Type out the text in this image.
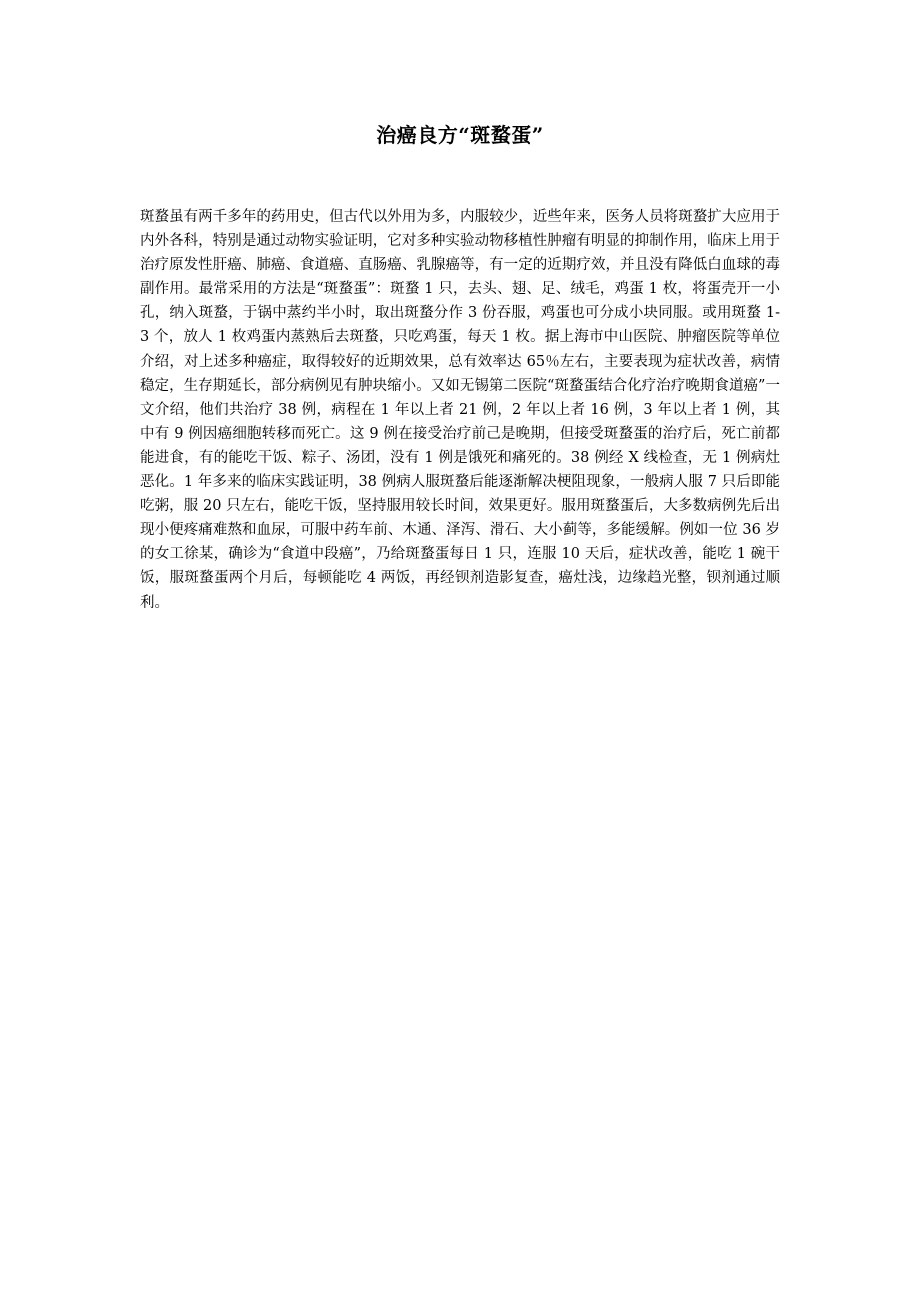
治癌良方“斑蝥蛋”

斑蝥虽有两千多年的药用史，但古代以外用为多，内服较少，近些年来，医务人员将斑蝥扩大应用于内外各科，特别是通过动物实验证明，它对多种实验动物移植性肿瘤有明显的抑制作用，临床上用于治疗原发性肝癌、肺癌、食道癌、直肠癌、乳腺癌等，有一定的近期疗效，并且没有降低白血球的毒副作用。最常采用的方法是“斑蝥蛋”：斑蝥 1 只，去头、翅、足、绒毛，鸡蛋 1 枚，将蛋壳开一小孔，纳入斑蝥，于锅中蒸约半小时，取出斑蝥分作 3 份吞服，鸡蛋也可分成小块同服。或用斑蝥 1-3 个，放人 1 枚鸡蛋内蒸熟后去斑蝥，只吃鸡蛋，每天 1 枚。据上海市中山医院、肿瘤医院等单位介绍，对上述多种癌症，取得较好的近期效果，总有效率达 65％左右，主要表现为症状改善，病情稳定，生存期延长，部分病例见有肿块缩小。又如无锡第二医院“斑蝥蛋结合化疗治疗晚期食道癌”一文介绍，他们共治疗 38 例，病程在 1 年以上者 21 例，2 年以上者 16 例，3 年以上者 1 例，其中有 9 例因癌细胞转移而死亡。这 9 例在接受治疗前己是晚期，但接受斑蝥蛋的治疗后，死亡前都能进食，有的能吃干饭、粽子、汤团，没有 1 例是饿死和痛死的。38 例经 X 线检查，无 1 例病灶恶化。1 年多来的临床实践证明，38 例病人服斑蝥后能逐渐解决梗阻现象，一般病人服 7 只后即能吃粥，服 20 只左右，能吃干饭，坚持服用较长时间，效果更好。服用斑蝥蛋后，大多数病例先后出现小便疼痛难熬和血尿，可服中药车前、木通、泽泻、滑石、大小蓟等，多能缓解。例如一位 36 岁的女工徐某，确诊为“食道中段癌”，乃给斑蝥蛋每日 1 只，连服 10 天后，症状改善，能吃 1 碗干饭，服斑蝥蛋两个月后，每顿能吃 4 两饭，再经钡剂造影复查，癌灶浅，边缘趋光整，钡剂通过顺利。
